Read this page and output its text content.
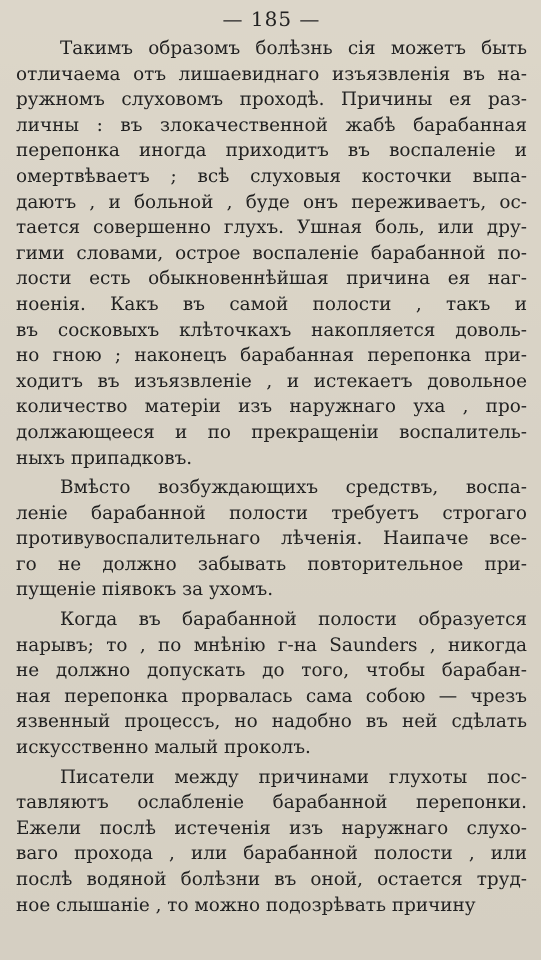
— 185 —
Такимъ образомъ болѣзнь сія можетъ быть
отличаема отъ лишаевиднаго изъязвленія въ на-
ружномъ слуховомъ проходѣ. Причины ея раз-
личны : въ злокачественной жабѣ барабанная
перепонка иногда приходитъ въ воспаленіе и
омертвѣваетъ ; всѣ слуховыя косточки выпа-
даютъ , и больной , буде онъ переживаетъ, ос-
тается совершенно глухъ. Ушная боль, или дру-
гими словами, острое воспаленіе барабанной по-
лости есть обыкновеннѣйшая причина ея наг-
ноенія. Какъ въ самой полости , такъ и
въ сосковыхъ клѣточкахъ накопляется доволь-
но гною ; наконецъ барабанная перепонка при-
ходитъ въ изъязвленіе , и истекаетъ довольное
количество матеріи изъ наружнаго уха , про-
должающееся и по прекращеніи воспалитель-
ныхъ припадковъ.
Вмѣсто возбуждающихъ средствъ, воспа-
леніе барабанной полости требуетъ строгаго
противувоспалительнаго лѣченія. Наипаче все-
го не должно забывать повторительное при-
пущеніе піявокъ за ухомъ.
Когда въ барабанной полости образуется
нарывъ; то , по мнѣнію г-на Saunders , никогда
не должно допускать до того, чтобы барабан-
ная перепонка прорвалась сама собою — чрезъ
язвенный процессъ, но надобно въ ней сдѣлать
искусственно малый проколъ.
Писатели между причинами глухоты пос-
тавляютъ ослабленіе барабанной перепонки.
Ежели послѣ истеченія изъ наружнаго слухо-
ваго прохода , или барабанной полости , или
послѣ водяной болѣзни въ оной, остается труд-
ное слышаніе , то можно подозрѣвать причину
